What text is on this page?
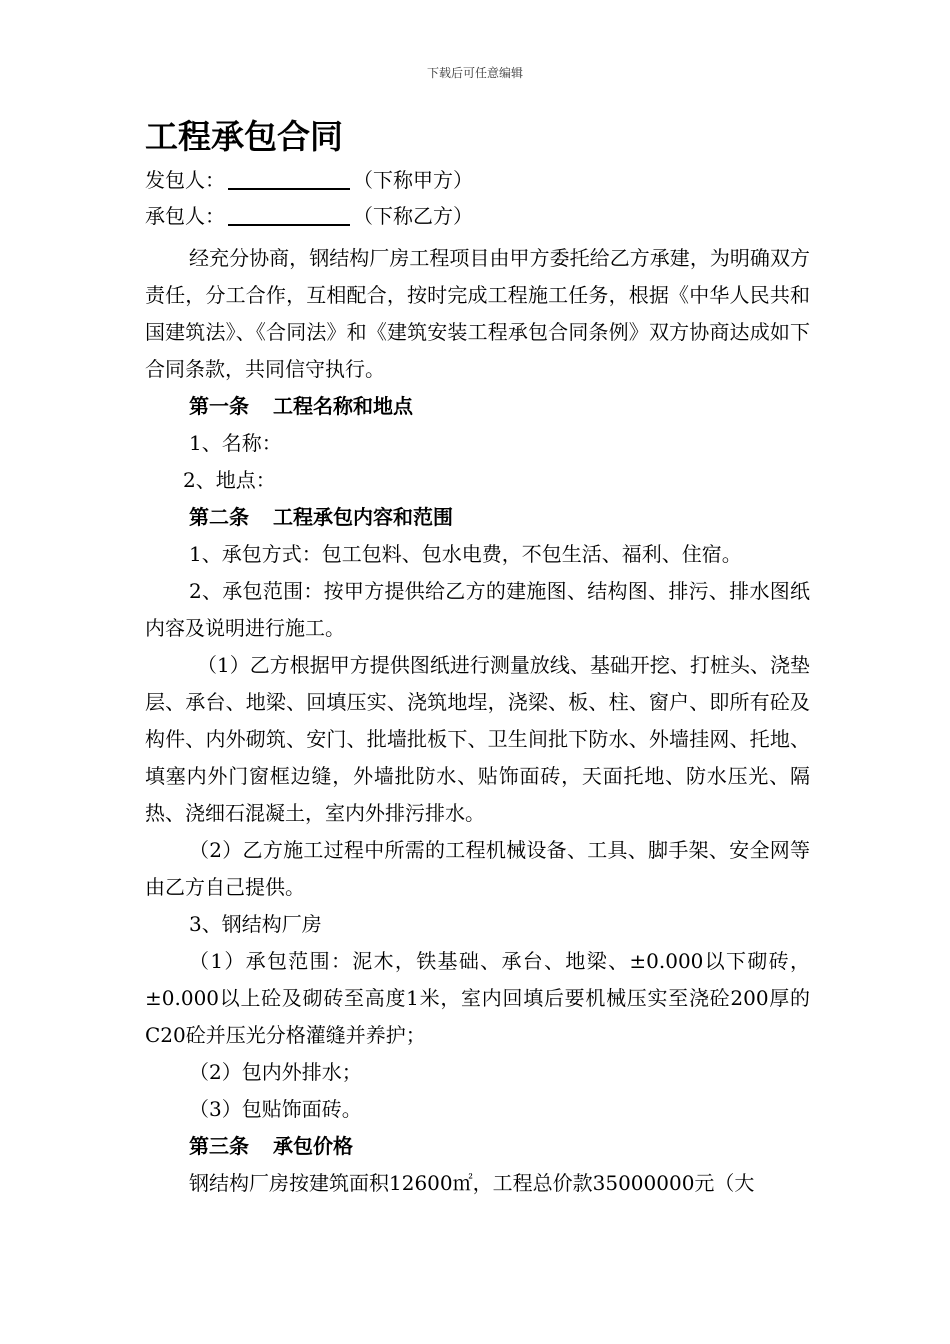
下载后可任意编辑
工程承包合同
发包人：	（下称甲方）
承包人：	（下称乙方）
经充分协商，钢结构厂房工程项目由甲方委托给乙方承建，为明确双方责任，分工合作，互相配合，按时完成工程施工任务，根据《中华人民共和国建筑法》、《合同法》和《建筑安装工程承包合同条例》双方协商达成如下合同条款，共同信守执行。
第一条 工程名称和地点
1、名称：
2、地点：
第二条 工程承包内容和范围
1、承包方式：包工包料、包水电费，不包生活、福利、住宿。
2、承包范围：按甲方提供给乙方的建施图、结构图、排污、排水图纸内容及说明进行施工。
（1）乙方根据甲方提供图纸进行测量放线、基础开挖、打桩头、浇垫层、承台、地梁、回填压实、浇筑地埕，浇梁、板、柱、窗户、即所有砼及构件、内外砌筑、安门、批墙批板下、卫生间批下防水、外墙挂网、托地、填塞内外门窗框边缝，外墙批防水、贴饰面砖，天面托地、防水压光、隔热、浇细石混凝土，室内外排污排水。
（2）乙方施工过程中所需的工程机械设备、工具、脚手架、安全网等由乙方自己提供。
3、钢结构厂房
（1）承包范围：泥木，铁基础、承台、地梁、±0.000以下砌砖，±0.000以上砼及砌砖至高度1米，室内回填后要机械压实至浇砼200厚的C20砼并压光分格灌缝并养护；
（2）包内外排水；
（3）包贴饰面砖。
第三条 承包价格
钢结构厂房按建筑面积12600㎡，工程总价款35000000元（大
